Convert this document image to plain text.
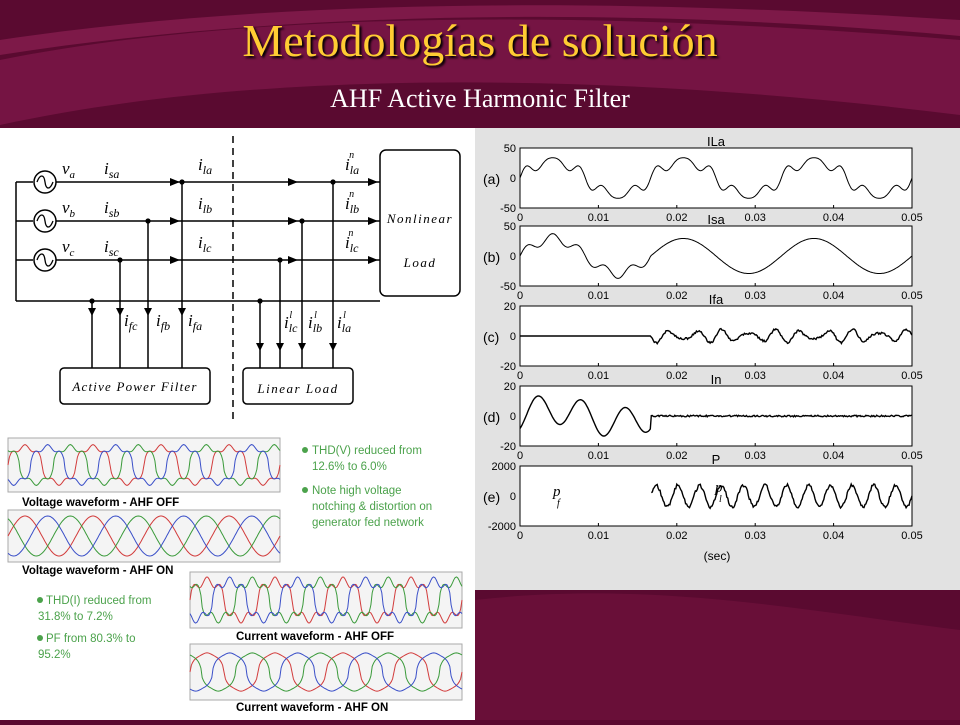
Metodologías de solución
AHF Active Harmonic Filter
$v_a$
$v_b$
$v_c$
$i_{sa}$
$i_{sb}$
$i_{sc}$
$i_{la}$
$i_{lb}$
$i_{lc}$
$i_{la}n$
$i_{lb}n$
$i_{lc}n$
$i_{fc}$ $i_{fb}$ $i_{fa}$	$i_{lc}l$ $i_{lb}l$	$i_{la}l$
Nonlinear
Load
Active Power Filter	Linear Load
50
0
-50
(a)
ILa
0	0.01	0.02	0.03	0.04	0.05
50
0
-50
(b)
Isa
0	0.01	0.02	0.03	0.04	0.05
20
0
-20
(c)
Ifa
0	0.01	0.02	0.03	0.04	0.05
20
0
-20
(d)
In
0	0.01	0.02	0.03	0.04	0.05
2000
0
-2000
(e)
P
0	0.01	0.02	0.03	0.04	0.05
(sec)
p
f
p
l
Voltage waveform - AHF OFF
Voltage waveform - AHF ON
THD(V) reduced from
12.6% to 6.0%
Note high voltage
notching & distortion on
generator fed network
THD(I) reduced from
31.8% to 7.2%
PF from 80.3% to
95.2%
Current waveform - AHF OFF
Current waveform - AHF ON
